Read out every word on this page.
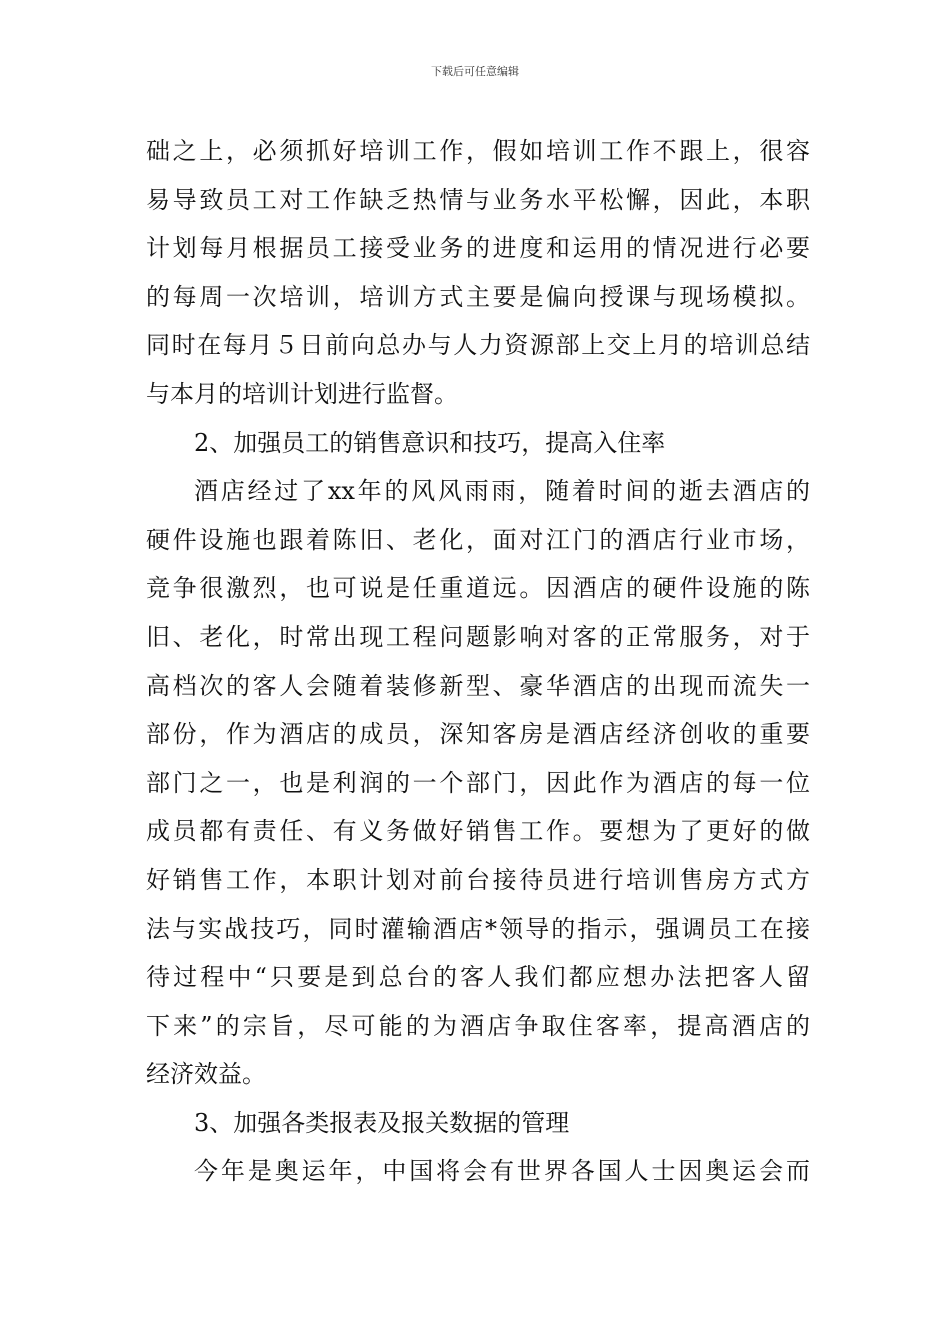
下载后可任意编辑
础之上，必须抓好培训工作，假如培训工作不跟上，很容
易导致员工对工作缺乏热情与业务水平松懈，因此，本职
计划每月根据员工接受业务的进度和运用的情况进行必要
的每周一次培训，培训方式主要是偏向授课与现场模拟。
同时在每月５日前向总办与人力资源部上交上月的培训总结
与本月的培训计划进行监督。
2、加强员工的销售意识和技巧，提高入住率
酒店经过了xx年的风风雨雨，随着时间的逝去酒店的
硬件设施也跟着陈旧、老化，面对江门的酒店行业市场，
竞争很激烈，也可说是任重道远。因酒店的硬件设施的陈
旧、老化，时常出现工程问题影响对客的正常服务，对于
高档次的客人会随着装修新型、豪华酒店的出现而流失一
部份，作为酒店的成员，深知客房是酒店经济创收的重要
部门之一，也是利润的一个部门，因此作为酒店的每一位
成员都有责任、有义务做好销售工作。要想为了更好的做
好销售工作，本职计划对前台接待员进行培训售房方式方
法与实战技巧，同时灌输酒店*领导的指示，强调员工在接
待过程中“只要是到总台的客人我们都应想办法把客人留
下来”的宗旨，尽可能的为酒店争取住客率，提高酒店的
经济效益。
3、加强各类报表及报关数据的管理
今年是奥运年，中国将会有世界各国人士因奥运会而
